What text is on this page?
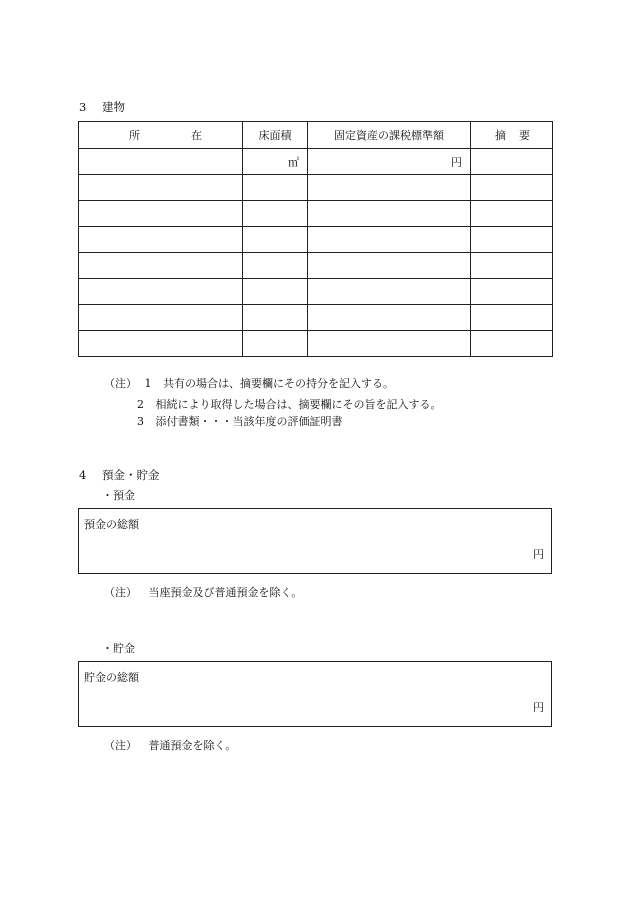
3 建物
所 在	床面積	固定資産の課税標準額	摘 要

	㎡	円	

（注） 1 共有の場合は、摘要欄にその持分を記入する。
2 相続により取得した場合は、摘要欄にその旨を記入する。
3 添付書類・・・当該年度の評価証明書
4 預金・貯金
・預金
預金の総額
円
（注） 当座預金及び普通預金を除く。
・貯金
貯金の総額
円
（注） 普通預金を除く。
